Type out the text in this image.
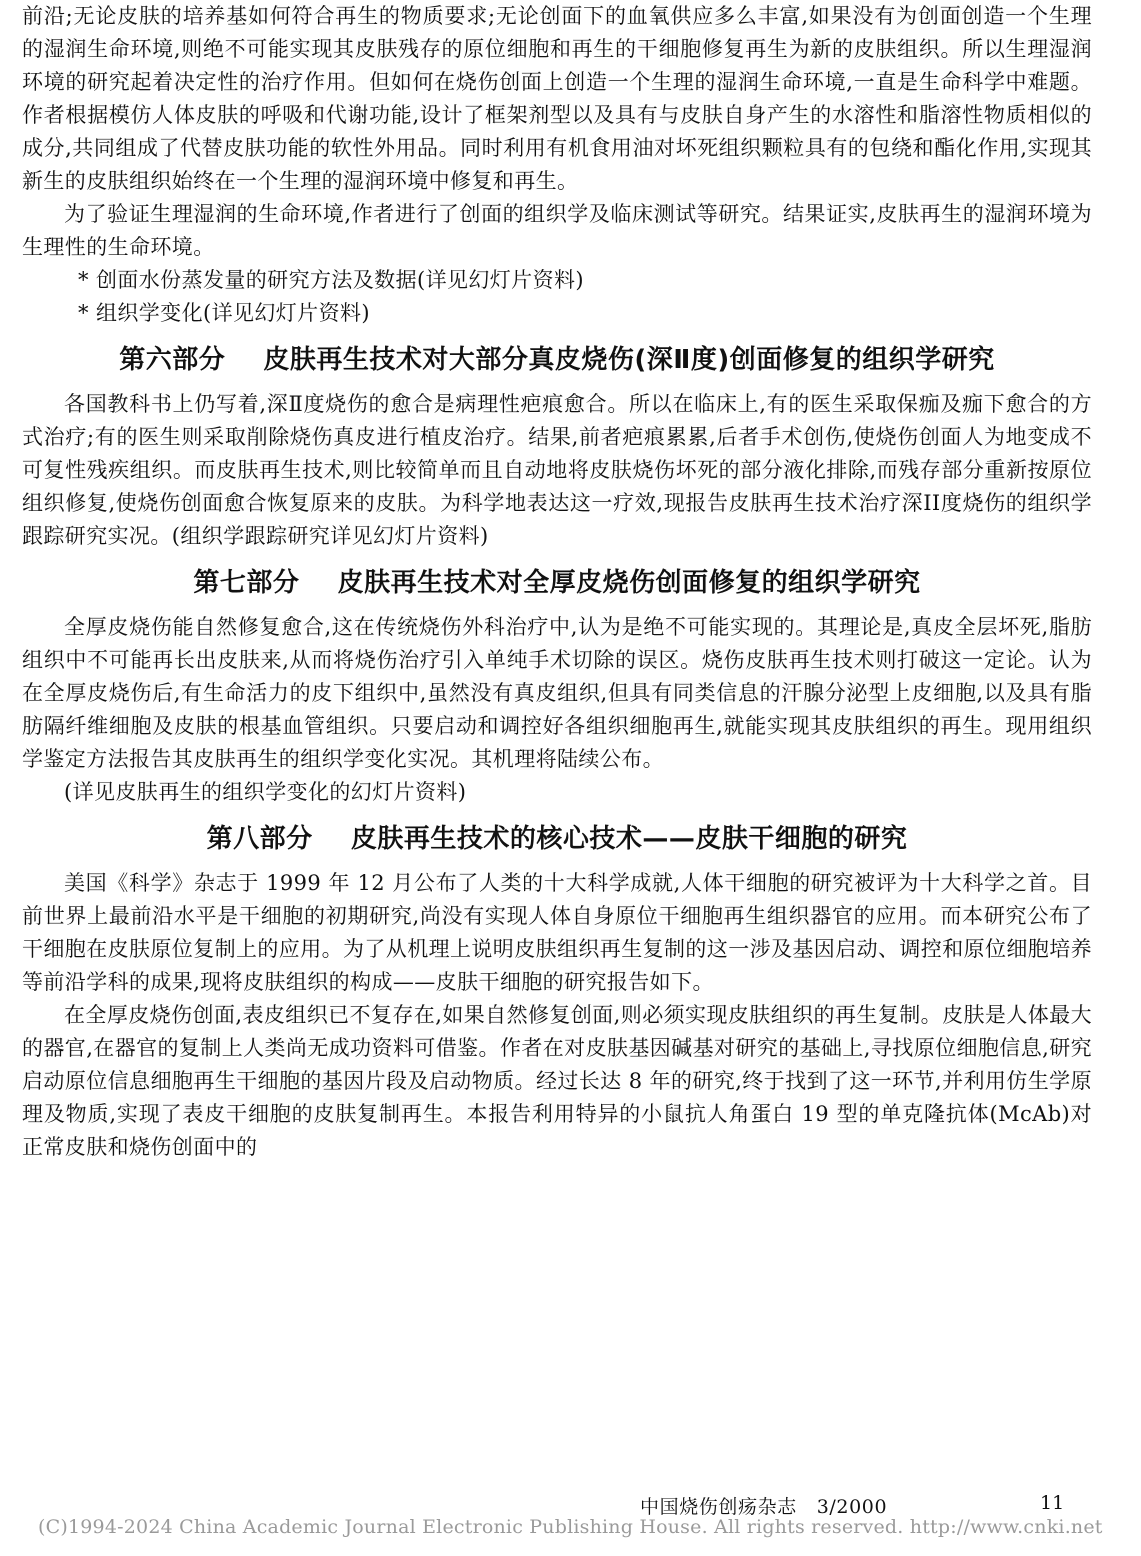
前沿;无论皮肤的培养基如何符合再生的物质要求;无论创面下的血氧供应多么丰富,如果没有为创面创造一个生理的湿润生命环境,则绝不可能实现其皮肤残存的原位细胞和再生的干细胞修复再生为新的皮肤组织。所以生理湿润环境的研究起着决定性的治疗作用。但如何在烧伤创面上创造一个生理的湿润生命环境,一直是生命科学中难题。作者根据模仿人体皮肤的呼吸和代谢功能,设计了框架剂型以及具有与皮肤自身产生的水溶性和脂溶性物质相似的成分,共同组成了代替皮肤功能的软性外用品。同时利用有机食用油对坏死组织颗粒具有的包绕和酯化作用,实现其新生的皮肤组织始终在一个生理的湿润环境中修复和再生。

为了验证生理湿润的生命环境,作者进行了创面的组织学及临床测试等研究。结果证实,皮肤再生的湿润环境为生理性的生命环境。

* 创面水份蒸发量的研究方法及数据(详见幻灯片资料)

* 组织学变化(详见幻灯片资料)

第六部分    皮肤再生技术对大部分真皮烧伤(深Ⅱ度)创面修复的组织学研究

各国教科书上仍写着,深Ⅱ度烧伤的愈合是病理性疤痕愈合。所以在临床上,有的医生采取保痂及痂下愈合的方式治疗;有的医生则采取削除烧伤真皮进行植皮治疗。结果,前者疤痕累累,后者手术创伤,使烧伤创面人为地变成不可复性残疾组织。而皮肤再生技术,则比较简单而且自动地将皮肤烧伤坏死的部分液化排除,而残存部分重新按原位组织修复,使烧伤创面愈合恢复原来的皮肤。为科学地表达这一疗效,现报告皮肤再生技术治疗深II度烧伤的组织学跟踪研究实况。(组织学跟踪研究详见幻灯片资料)

第七部分    皮肤再生技术对全厚皮烧伤创面修复的组织学研究

全厚皮烧伤能自然修复愈合,这在传统烧伤外科治疗中,认为是绝不可能实现的。其理论是,真皮全层坏死,脂肪组织中不可能再长出皮肤来,从而将烧伤治疗引入单纯手术切除的误区。烧伤皮肤再生技术则打破这一定论。认为在全厚皮烧伤后,有生命活力的皮下组织中,虽然没有真皮组织,但具有同类信息的汗腺分泌型上皮细胞,以及具有脂肪隔纤维细胞及皮肤的根基血管组织。只要启动和调控好各组织细胞再生,就能实现其皮肤组织的再生。现用组织学鉴定方法报告其皮肤再生的组织学变化实况。其机理将陆续公布。

(详见皮肤再生的组织学变化的幻灯片资料)

第八部分    皮肤再生技术的核心技术——皮肤干细胞的研究

美国《科学》杂志于 1999 年 12 月公布了人类的十大科学成就,人体干细胞的研究被评为十大科学之首。目前世界上最前沿水平是干细胞的初期研究,尚没有实现人体自身原位干细胞再生组织器官的应用。而本研究公布了干细胞在皮肤原位复制上的应用。为了从机理上说明皮肤组织再生复制的这一涉及基因启动、调控和原位细胞培养等前沿学科的成果,现将皮肤组织的构成——皮肤干细胞的研究报告如下。

在全厚皮烧伤创面,表皮组织已不复存在,如果自然修复创面,则必须实现皮肤组织的再生复制。皮肤是人体最大的器官,在器官的复制上人类尚无成功资料可借鉴。作者在对皮肤基因碱基对研究的基础上,寻找原位细胞信息,研究启动原位信息细胞再生干细胞的基因片段及启动物质。经过长达 8 年的研究,终于找到了这一环节,并利用仿生学原理及物质,实现了表皮干细胞的皮肤复制再生。本报告利用特异的小鼠抗人角蛋白 19 型的单克隆抗体(McAb)对正常皮肤和烧伤创面中的

中国烧伤创疡杂志   3/2000	11
(C)1994-2024 China Academic Journal Electronic Publishing House. All rights reserved. http://www.cnki.net
